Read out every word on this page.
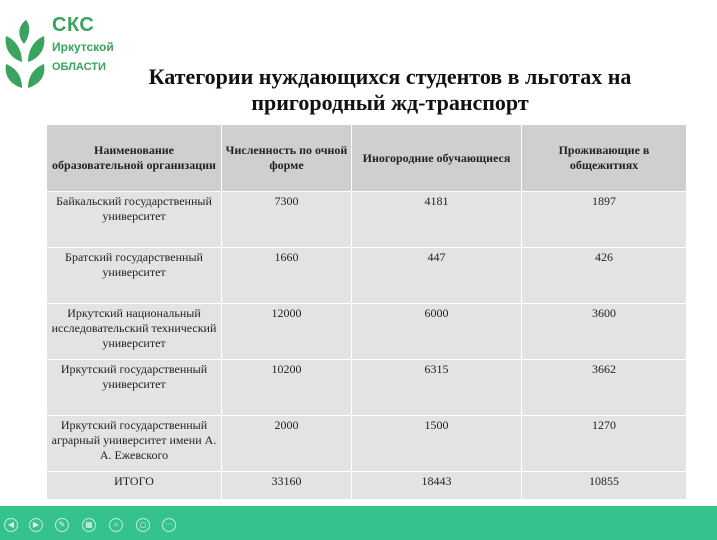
СКС
Иркутской
ОБЛАСТИ	Категории нуждающихся студентов в льготах на
пригородный жд-транспорт
Наименование образовательной организации	Численность по очной форме	Иногородние обучающиеся	Проживающие в общежитиях
Байкальский государственный университет	7300	4181	1897
Братский государственный университет	1660	447	426
Иркутский национальный исследовательский технический университет	12000	6000	3600
Иркутский государственный университет	10200	6315	3662
Иркутский государственный аграрный университет имени А. А. Ежевского	2000	1500	1270
ИТОГО	33160	18443	10855
◀	▶	✎	▦	⌕	○	···
